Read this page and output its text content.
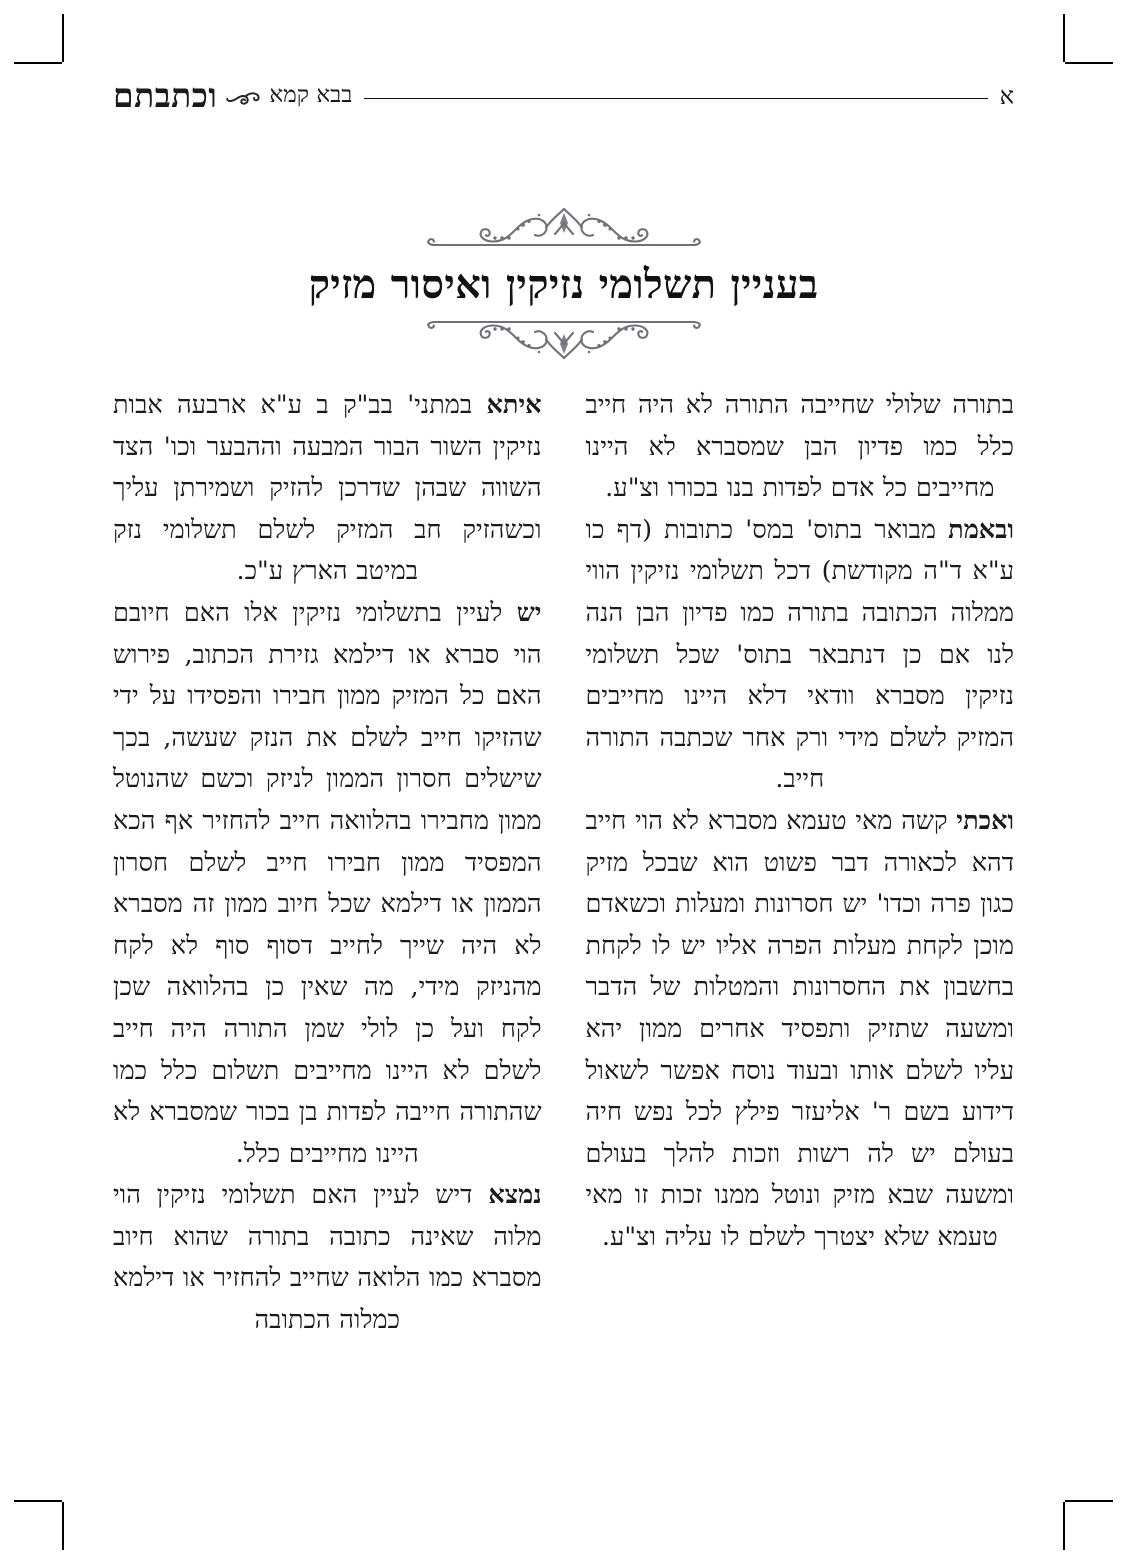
וכתבתם בבא קמא	א
בעניין תשלומי נזיקין ואיסור מזיק

איתא במתני' בב"ק ב ע"א ארבעה אבות נזיקין השור הבור המבעה וההבער וכו' הצד השווה שבהן שדרכן להזיק ושמירתן עליך וכשהזיק חב המזיק לשלם תשלומי נזק במיטב הארץ ע"כ.

יש לעיין בתשלומי נזיקין אלו האם חיובם הוי סברא או דילמא גזירת הכתוב, פירוש האם כל המזיק ממון חבירו והפסידו על ידי שהזיקו חייב לשלם את הנזק שעשה, בכך שישלים חסרון הממון לניזק וכשם שהנוטל ממון מחבירו בהלוואה חייב להחזיר אף הכא המפסיד ממון חבירו חייב לשלם חסרון הממון או דילמא שכל חיוב ממון זה מסברא לא היה שייך לחייב דסוף סוף לא לקח מהניזק מידי, מה שאין כן בהלוואה שכן לקח ועל כן לולי שמן התורה היה חייב לשלם לא היינו מחייבים תשלום כלל כמו שהתורה חייבה לפדות בן בכור שמסברא לא היינו מחייבים כלל.

נמצא דיש לעיין האם תשלומי נזיקין הוי מלוה שאינה כתובה בתורה שהוא חיוב מסברא כמו הלואה שחייב להחזיר או דילמא כמלוה הכתובה

בתורה שלולי שחייבה התורה לא היה חייב כלל כמו פדיון הבן שמסברא לא היינו מחייבים כל אדם לפדות בנו בכורו וצ"ע.

ובאמת מבואר בתוס' במס' כתובות (דף כו ע"א ד"ה מקודשת) דכל תשלומי נזיקין הווי ממלוה הכתובה בתורה כמו פדיון הבן הנה לנו אם כן דנתבאר בתוס' שכל תשלומי נזיקין מסברא וודאי דלא היינו מחייבים המזיק לשלם מידי ורק אחר שכתבה התורה חייב.

ואכתי קשה מאי טעמא מסברא לא הוי חייב דהא לכאורה דבר פשוט הוא שבכל מזיק כגון פרה וכדו' יש חסרונות ומעלות וכשאדם מוכן לקחת מעלות הפרה אליו יש לו לקחת בחשבון את החסרונות והמטלות של הדבר ומשעה שתזיק ותפסיד אחרים ממון יהא עליו לשלם אותו ובעוד נוסח אפשר לשאול דידוע בשם ר' אליעזר פילץ לכל נפש חיה בעולם יש לה רשות וזכות להלך בעולם ומשעה שבא מזיק ונוטל ממנו זכות זו מאי טעמא שלא יצטרך לשלם לו עליה וצ"ע.
